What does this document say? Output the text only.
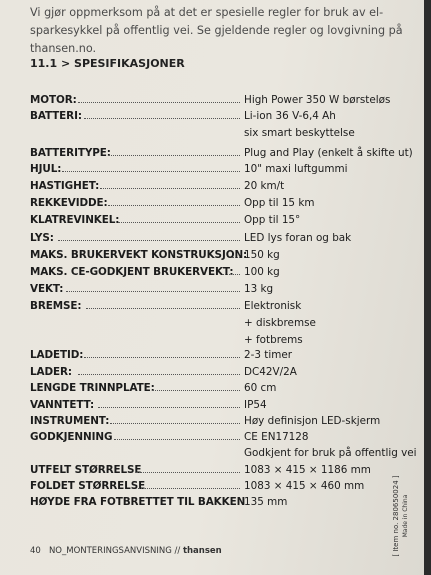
Vi gjør oppmerksom på at det er spesielle regler for bruk av el-sparkesykkel på offentlig vei. Se gjeldende regler og lovgivning på thansen.no.
11.1 > SPESIFIKASJONER
MOTOR:	High Power 350 W børsteløs
BATTERI:	Li-ion 36 V-6,4 Ah
six smart beskyttelse
BATTERITYPE:	Plug and Play (enkelt å skifte ut)
HJUL:	10" maxi luftgummi
HASTIGHET:	20 km/t
REKKEVIDDE:	Opp til 15 km
KLATREVINKEL:	Opp til 15°
LYS:	LED lys foran og bak
MAKS. BRUKERVEKT KONSTRUKSJON:
150 kg
MAKS. CE-GODKJENT BRUKERVEKT: 100 kg
VEKT:	13 kg
BREMSE:	Elektronisk
+ diskbremse
+ fotbrems
LADETID:	2-3 timer
LADER:	DC42V/2A
LENGDE TRINNPLATE:	60 cm
VANNTETT:	IP54
INSTRUMENT:	Høy definisjon LED-skjerm
GODKJENNING	CE EN17128
Godkjent for bruk på offentlig vei
UTFELT STØRRELSE	1083 × 415 × 1186 mm
FOLDET STØRRELSE	1083 × 415 × 460 mm
HØYDE FRA FOTBRETTET TIL BAKKEN
135 mm	[ Item no. 280650024 ] Made in China
40 NO_MONTERINGSANVISNING // thansen
